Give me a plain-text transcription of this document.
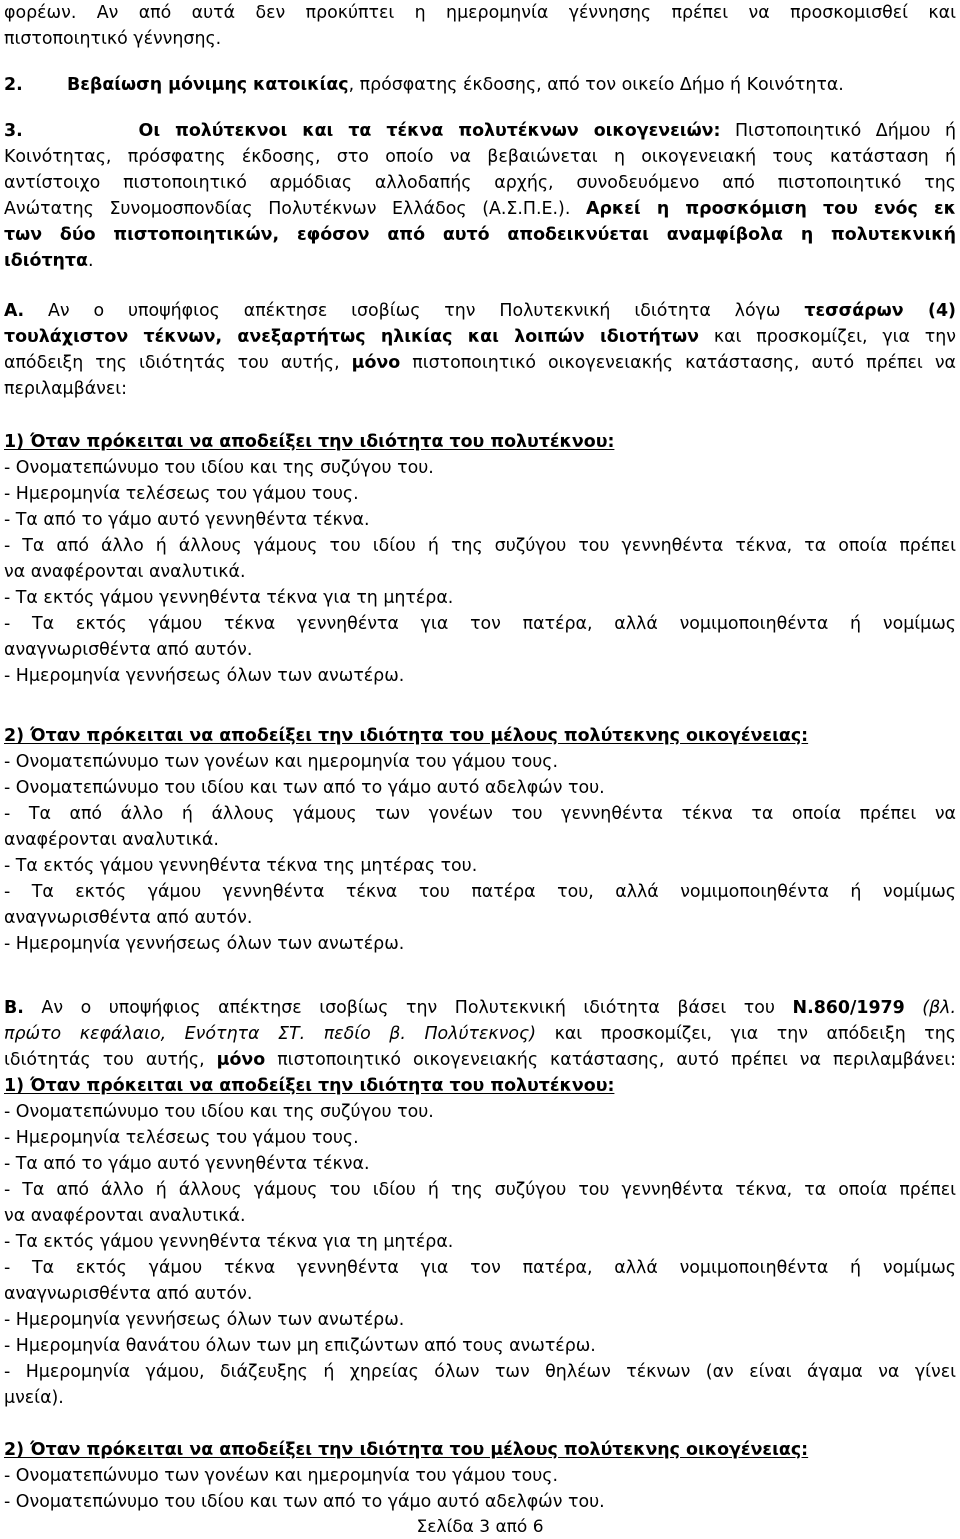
φορέων. Αν από αυτά δεν προκύπτει η ημερομηνία γέννησης πρέπει να προσκομισθεί και
πιστοποιητικό γέννησης.
2.	Βεβαίωση μόνιμης κατοικίας, πρόσφατης έκδοσης, από τον οικείο Δήμο ή Κοινότητα.
3.	Οι πολύτεκνοι και τα τέκνα πολυτέκνων οικογενειών: Πιστοποιητικό Δήμου ή
Κοινότητας, πρόσφατης έκδοσης, στο οποίο να βεβαιώνεται η οικογενειακή τους κατάσταση ή
αντίστοιχο πιστοποιητικό αρμόδιας αλλοδαπής αρχής, συνοδευόμενο από πιστοποιητικό της
Ανώτατης Συνομοσπονδίας Πολυτέκνων Ελλάδος (Α.Σ.Π.Ε.). Αρκεί η προσκόμιση του ενός εκ
των δύο πιστοποιητικών, εφόσον από αυτό αποδεικνύεται αναμφίβολα η πολυτεκνική
ιδιότητα.
Α. Αν ο υποψήφιος απέκτησε ισοβίως την Πολυτεκνική ιδιότητα λόγω τεσσάρων (4)
τουλάχιστον τέκνων, ανεξαρτήτως ηλικίας και λοιπών ιδιοτήτων και προσκομίζει, για την
απόδειξη της ιδιότητάς του αυτής, μόνο πιστοποιητικό οικογενειακής κατάστασης, αυτό πρέπει να
περιλαμβάνει:
1) Όταν πρόκειται να αποδείξει την ιδιότητα του πολυτέκνου:
- Ονοματεπώνυμο του ιδίου και της συζύγου του.
- Ημερομηνία τελέσεως του γάμου τους.
- Τα από το γάμο αυτό γεννηθέντα τέκνα.
- Τα από άλλο ή άλλους γάμους του ιδίου ή της συζύγου του γεννηθέντα τέκνα, τα οποία πρέπει
να αναφέρονται αναλυτικά.
- Τα εκτός γάμου γεννηθέντα τέκνα για τη μητέρα.
- Τα εκτός γάμου τέκνα γεννηθέντα για τον πατέρα, αλλά νομιμοποιηθέντα ή νομίμως
αναγνωρισθέντα από αυτόν.
- Ημερομηνία γεννήσεως όλων των ανωτέρω.
2) Όταν πρόκειται να αποδείξει την ιδιότητα του μέλους πολύτεκνης οικογένειας:
- Ονοματεπώνυμο των γονέων και ημερομηνία του γάμου τους.
- Ονοματεπώνυμο του ιδίου και των από το γάμο αυτό αδελφών του.
- Τα από άλλο ή άλλους γάμους των γονέων του γεννηθέντα τέκνα τα οποία πρέπει να
αναφέρονται αναλυτικά.
- Τα εκτός γάμου γεννηθέντα τέκνα της μητέρας του.
- Τα εκτός γάμου γεννηθέντα τέκνα του πατέρα του, αλλά νομιμοποιηθέντα ή νομίμως
αναγνωρισθέντα από αυτόν.
- Ημερομηνία γεννήσεως όλων των ανωτέρω.
Β. Αν ο υποψήφιος απέκτησε ισοβίως την Πολυτεκνική ιδιότητα βάσει του Ν.860/1979 (βλ.
πρώτο κεφάλαιο, Ενότητα ΣΤ. πεδίο β. Πολύτεκνος) και προσκομίζει, για την απόδειξη της
ιδιότητάς του αυτής, μόνο πιστοποιητικό οικογενειακής κατάστασης, αυτό πρέπει να περιλαμβάνει:
1) Όταν πρόκειται να αποδείξει την ιδιότητα του πολυτέκνου:
- Ονοματεπώνυμο του ιδίου και της συζύγου του.
- Ημερομηνία τελέσεως του γάμου τους.
- Τα από το γάμο αυτό γεννηθέντα τέκνα.
- Τα από άλλο ή άλλους γάμους του ιδίου ή της συζύγου του γεννηθέντα τέκνα, τα οποία πρέπει
να αναφέρονται αναλυτικά.
- Τα εκτός γάμου γεννηθέντα τέκνα για τη μητέρα.
- Τα εκτός γάμου τέκνα γεννηθέντα για τον πατέρα, αλλά νομιμοποιηθέντα ή νομίμως
αναγνωρισθέντα από αυτόν.
- Ημερομηνία γεννήσεως όλων των ανωτέρω.
- Ημερομηνία θανάτου όλων των μη επιζώντων από τους ανωτέρω.
- Ημερομηνία γάμου, διάζευξης ή χηρείας όλων των θηλέων τέκνων (αν είναι άγαμα να γίνει
μνεία).
2) Όταν πρόκειται να αποδείξει την ιδιότητα του μέλους πολύτεκνης οικογένειας:
- Ονοματεπώνυμο των γονέων και ημερομηνία του γάμου τους.
- Ονοματεπώνυμο του ιδίου και των από το γάμο αυτό αδελφών του.
Σελίδα 3 από 6
